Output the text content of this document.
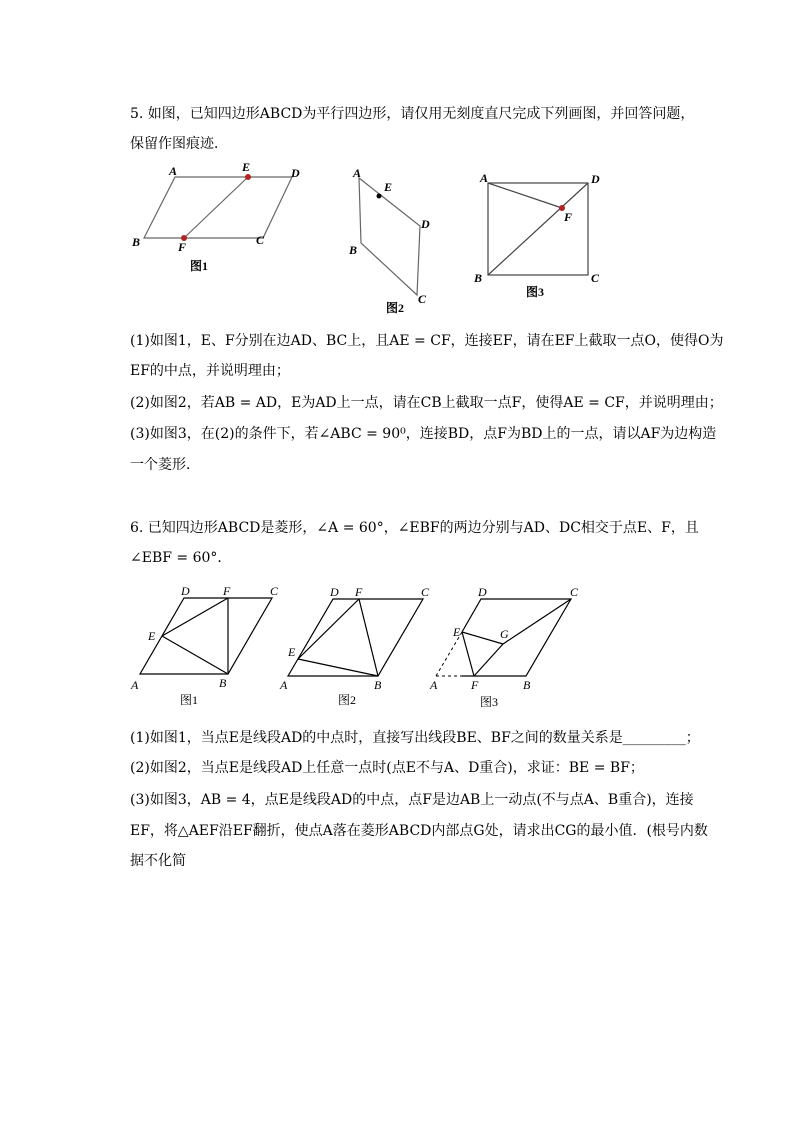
5. 如图，已知四边形ABCD为平行四边形，请仅用无刻度直尺完成下列画图，并回答问题，
保留作图痕迹．
A	E	D
B	F	C
图1
A
E
D
B
C
图2
A	D
F
B	C
图3
(1)如图1，E、F分别在边AD、BC上，且AE = CF，连接EF，请在EF上截取一点O，使得O为
EF的中点，并说明理由；
(2)如图2，若AB = AD，E为AD上一点，请在CB上截取一点F，使得AE = CF，并说明理由；
(3)如图3，在(2)的条件下，若∠ABC = 90⁰，连接BD，点F为BD上的一点，请以AF为边构造
一个菱形．
6. 已知四边形ABCD是菱形，∠A = 60°，∠EBF的两边分别与AD、DC相交于点E、F，且
∠EBF = 60°．
D	F	C
E
A	B
图1
D F	C
E
A	B
图2
D	C
E	G
A	F	B
图3
(1)如图1，当点E是线段AD的中点时，直接写出线段BE、BF之间的数量关系是_________；
(2)如图2，当点E是线段AD上任意一点时(点E不与A、D重合)，求证：BE = BF；
(3)如图3，AB = 4，点E是线段AD的中点，点F是边AB上一动点(不与点A、B重合)，连接
EF，将△AEF沿EF翻折，使点A落在菱形ABCD内部点G处，请求出CG的最小值．(根号内数
据不化简
